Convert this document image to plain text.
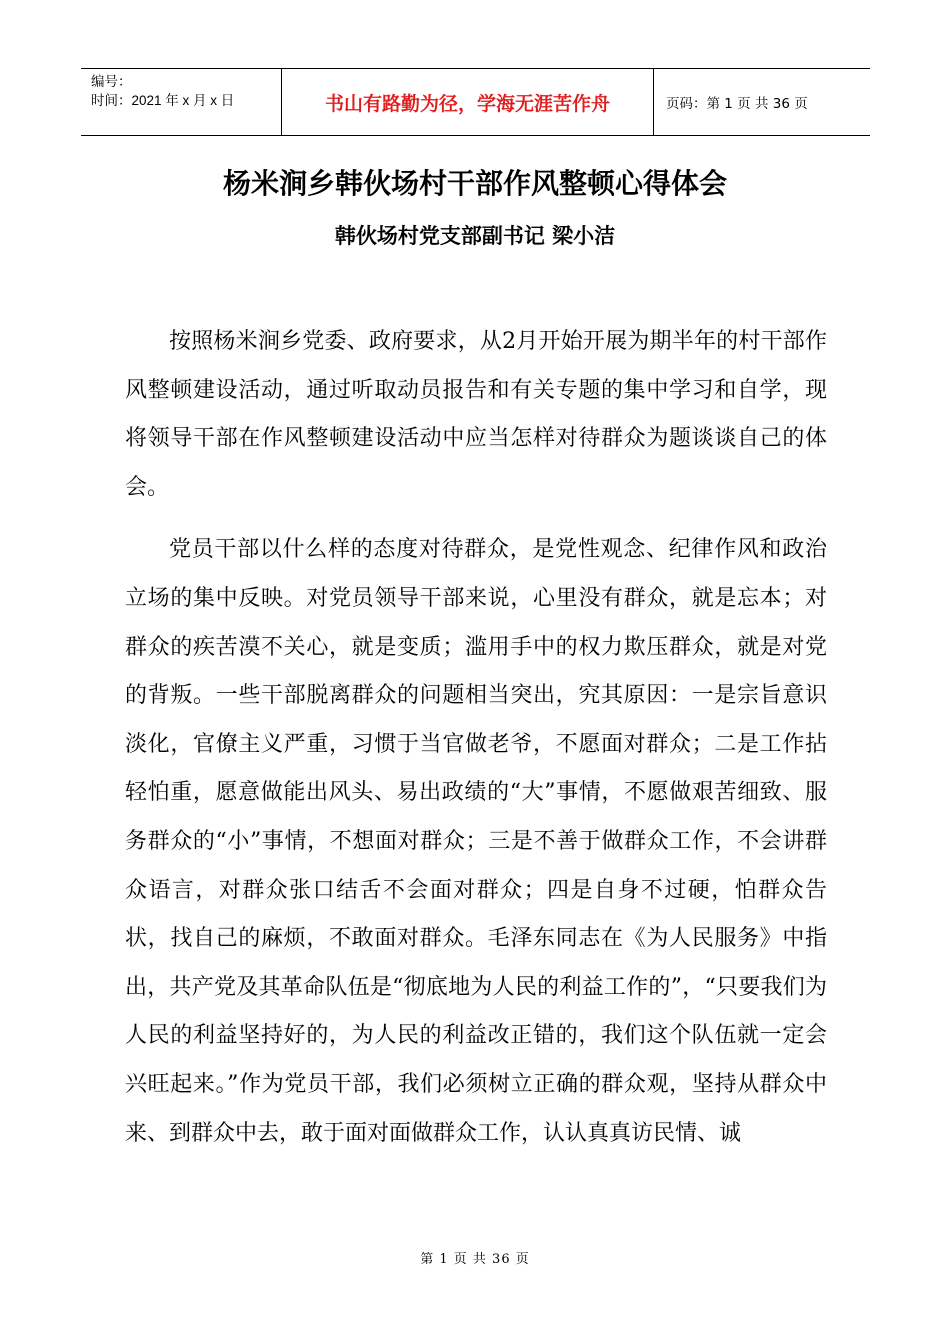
编号：
时间：2021 年 x 月 x 日	书山有路勤为径，学海无涯苦作舟	页码：第 1 页 共 36 页
杨米涧乡韩伙场村干部作风整顿心得体会
韩伙场村党支部副书记 梁小洁

按照杨米涧乡党委、政府要求，从2月开始开展为期半年的村干部作风整顿建设活动，通过听取动员报告和有关专题的集中学习和自学，现将领导干部在作风整顿建设活动中应当怎样对待群众为题谈谈自己的体会。

党员干部以什么样的态度对待群众，是党性观念、纪律作风和政治立场的集中反映。对党员领导干部来说，心里没有群众，就是忘本；对群众的疾苦漠不关心，就是变质；滥用手中的权力欺压群众，就是对党的背叛。一些干部脱离群众的问题相当突出，究其原因：一是宗旨意识淡化，官僚主义严重，习惯于当官做老爷，不愿面对群众；二是工作拈轻怕重，愿意做能出风头、易出政绩的“大”事情，不愿做艰苦细致、服务群众的“小”事情，不想面对群众；三是不善于做群众工作，不会讲群众语言，对群众张口结舌不会面对群众；四是自身不过硬，怕群众告状，找自己的麻烦，不敢面对群众。毛泽东同志在《为人民服务》中指出，共产党及其革命队伍是“彻底地为人民的利益工作的”，“只要我们为人民的利益坚持好的，为人民的利益改正错的，我们这个队伍就一定会兴旺起来。”作为党员干部，我们必须树立正确的群众观，坚持从群众中来、到群众中去，敢于面对面做群众工作，认认真真访民情、诚

第 1 页 共 36 页
